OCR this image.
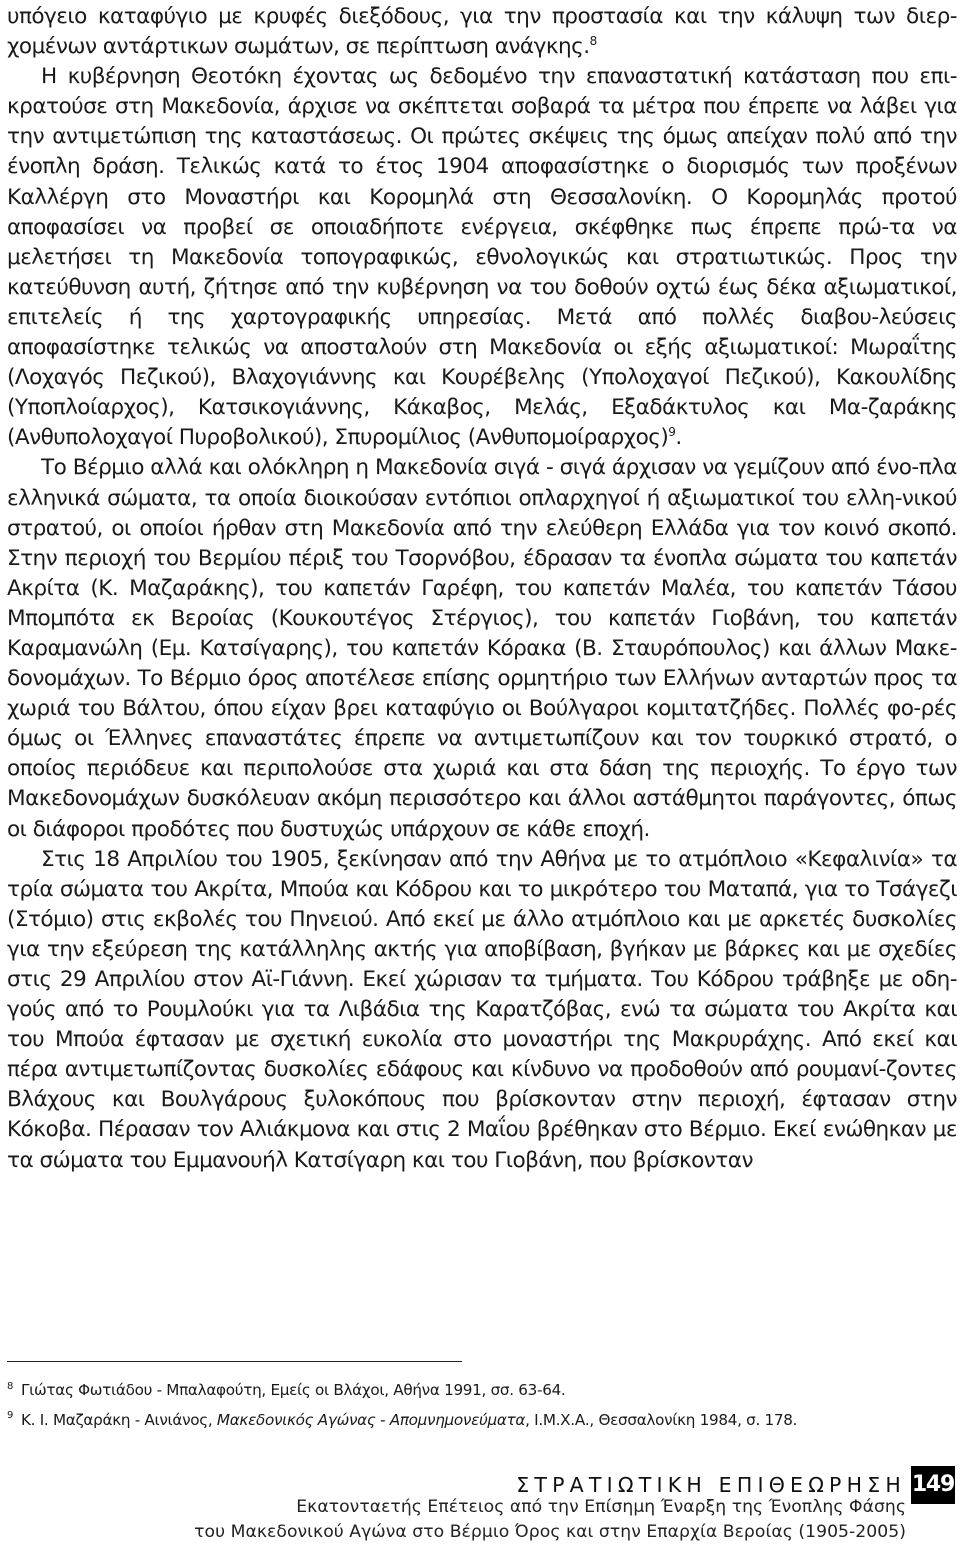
υπόγειο καταφύγιο με κρυφές διεξόδους, για την προστασία και την κάλυψη των διερ-χομένων αντάρτικων σωμάτων, σε περίπτωση ανάγκης.$^8$

Η κυβέρνηση Θεοτόκη έχοντας ως δεδομένο την επαναστατική κατάσταση που επι-κρατούσε στη Μακεδονία, άρχισε να σκέπτεται σοβαρά τα μέτρα που έπρεπε να λάβει για την αντιμετώπιση της καταστάσεως. Οι πρώτες σκέψεις της όμως απείχαν πολύ από την ένοπλη δράση. Τελικώς κατά το έτος 1904 αποφασίστηκε ο διορισμός των προξένων Καλλέργη στο Μοναστήρι και Κορομηλά στη Θεσσαλονίκη. Ο Κορομηλάς προτού αποφασίσει να προβεί σε οποιαδήποτε ενέργεια, σκέφθηκε πως έπρεπε πρώ-τα να μελετήσει τη Μακεδονία τοπογραφικώς, εθνολογικώς και στρατιωτικώς. Προς την κατεύθυνση αυτή, ζήτησε από την κυβέρνηση να του δοθούν οχτώ έως δέκα αξιωματικοί, επιτελείς ή της χαρτογραφικής υπηρεσίας. Μετά από πολλές διαβου-λεύσεις αποφασίστηκε τελικώς να αποσταλούν στη Μακεδονία οι εξής αξιωματικοί: Μωραΐτης (Λοχαγός Πεζικού), Βλαχογιάννης και Κουρέβελης (Υπολοχαγοί Πεζικού), Κακουλίδης (Υποπλοίαρχος), Κατσικογιάννης, Κάκαβος, Μελάς, Εξαδάκτυλος και Μα-ζαράκης (Ανθυπολοχαγοί Πυροβολικού), Σπυρομίλιος $(A\nu\theta\upsilon\pi o\mu oί\rho\alpha\rho\chi o\varsigma)^9$.

Το Βέρμιο αλλά και ολόκληρη η Μακεδονία σιγά - σιγά άρχισαν να γεμίζουν από ένο-πλα ελληνικά σώματα, τα οποία διοικούσαν εντόπιοι οπλαρχηγοί ή αξιωματικοί του ελλη-νικού στρατού, οι οποίοι ήρθαν στη Μακεδονία από την ελεύθερη Ελλάδα για τον κοινό σκοπό. Στην περιοχή του Βερμίου πέριξ του Τσορνόβου, έδρασαν τα ένοπλα σώματα του καπετάν Ακρίτα (Κ. Μαζαράκης), του καπετάν Γαρέφη, του καπετάν Μαλέα, του καπετάν Τάσου Μπομπότα εκ Βεροίας (Κουκουτέγος Στέργιος), του καπετάν Γιοβάνη, του καπετάν Καραμανώλη (Εμ. Κατσίγαρης), του καπετάν Κόρακα (Β. Σταυρόπουλος) και άλλων Μακε-δονομάχων. Το Βέρμιο όρος αποτέλεσε επίσης ορμητήριο των Ελλήνων ανταρτών προς τα χωριά του Βάλτου, όπου είχαν βρει καταφύγιο οι Βούλγαροι κομιτατζήδες. Πολλές φο-ρές όμως οι Έλληνες επαναστάτες έπρεπε να αντιμετωπίζουν και τον τουρκικό στρατό, ο οποίος περιόδευε και περιπολούσε στα χωριά και στα δάση της περιοχής. Το έργο των Μακεδονομάχων δυσκόλευαν ακόμη περισσότερο και άλλοι αστάθμητοι παράγοντες, όπως οι διάφοροι προδότες που δυστυχώς υπάρχουν σε κάθε εποχή.

Στις 18 Απριλίου του 1905, ξεκίνησαν από την Αθήνα με το ατμόπλοιο «Κεφαλινία» τα τρία σώματα του Ακρίτα, Μπούα και Κόδρου και το μικρότερο του Ματαπά, για το Τσάγεζι (Στόμιο) στις εκβολές του Πηνειού. Από εκεί με άλλο ατμόπλοιο και με αρκετές δυσκολίες για την εξεύρεση της κατάλληλης ακτής για αποβίβαση, βγήκαν με βάρκες και με σχεδίες στις 29 Απριλίου στον Αϊ-Γιάννη. Εκεί χώρισαν τα τμήματα. Του Κόδρου τράβηξε με οδη-γούς από το Ρουμλούκι για τα Λιβάδια της Καρατζόβας, ενώ τα σώματα του Ακρίτα και του Μπούα έφτασαν με σχετική ευκολία στο μοναστήρι της Μακρυράχης. Από εκεί και πέρα αντιμετωπίζοντας δυσκολίες εδάφους και κίνδυνο να προδοθούν από ρουμανί-ζοντες Βλάχους και Βουλγάρους ξυλοκόπους που βρίσκονταν στην περιοχή, έφτασαν στην Κόκοβα. Πέρασαν τον Αλιάκμονα και στις 2 Μαΐου βρέθηκαν στο Βέρμιο. Εκεί ενώθηκαν με τα σώματα του Εμμανουήλ Κατσίγαρη και του Γιοβάνη, που βρίσκονταν

8 Γιώτας Φωτιάδου - Μπαλαφούτη, Εμείς οι Βλάχοι, Αθήνα 1991, σσ. 63-64.

9 Κ. Ι. Μαζαράκη - Αινιάνος, Μακεδονικός Αγώνας - Απομνημονεύματα, Ι.Μ.Χ.Α., Θεσσαλονίκη 1984, σ. 178.

ΣΤΡΑΤΙΩΤΙΚΗ ΕΠΙΘΕΩΡΗΣΗ 149
Εκατονταετής Επέτειος από την Επίσημη Έναρξη της Ένοπλης Φάσης
του Μακεδονικού Αγώνα στο Βέρμιο Όρος και στην Επαρχία Βεροίας (1905-2005)
